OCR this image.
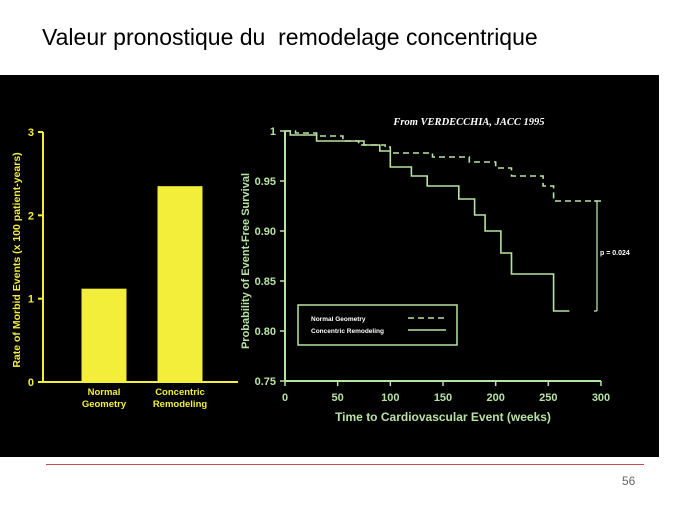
Valeur pronostique du  remodelage concentrique
0
1
2
3
Normal
Geometry
Concentric
Remodeling
Rate of Morbid Events (x 100 patient-years)
0	50	100	150	200	250	300
0.75
0.80
0.85
0.90
0.95
1
Time to Cardiovascular Event (weeks)
Probability of Event-Free Survival
From VERDECCHIA, JACC 1995
p = 0.024
Normal Geometry
Concentric Remodeling
56
